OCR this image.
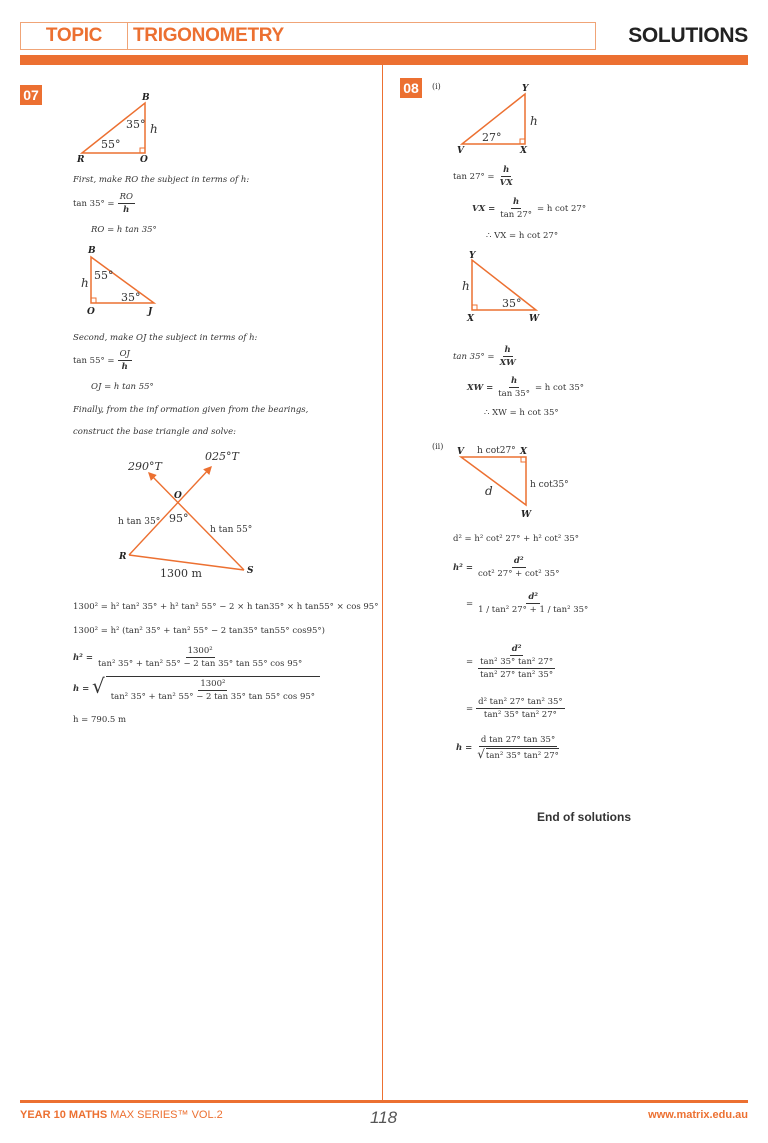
TOPIC	TRIGONOMETRY	SOLUTIONS
07	B
R	O
35°
55°
h
First, make RO the subject in terms of h:
$\tan 35^\circ = \frac{RO}{h}$
RO = h tan 35°
B
O	J
55°
35°
h
Second, make OJ the subject in terms of h:
$\tan 55^\circ = \frac{OJ}{h}$
OJ = h tan 55°
Finally, from the inf ormation given from the bearings,
construct the base triangle and solve:
290°T
025°T
O
R
S
95°
h tan 35°
h tan 55°
1300 m
1300² = h² tan² 35° + h² tan² 55° − 2 × h tan35° × h tan55° × cos 95°
1300² = h² (tan² 35° + tan² 55° − 2 tan35° tan55° cos95°)
$h^2 = \frac{\text{1300²}}{\text{tan² 35° + tan² 55° − 2 tan 35° tan 55° cos 95°}}$
h =
√ $\frac{\text{1300²}}{\text{tan² 35° + tan² 55° − 2 tan 35° tan 55° cos 95°}}$
h = 790.5 m
08	(i)	Y
V	X
27°
h
$\tan 27^\circ = \frac{h}{VX}$
VX = $\frac{h}{\tan 27^\circ} = h$ cot 27°
∴ VX = h cot 27°
Y
X	W
35°
h
$\tan 35^\circ = \frac{h}{XW}$
XW = $\frac{h}{\tan 35^\circ} = h$ cot 35°
∴ XW = h cot 35°
(ii)
V	X
W
h cot27°
h cot35°
d
d² = h² cot² 27° + h² cot² 35°
$h^2 = \frac{\text{d²}}{\text{cot² 27° + cot² 35°}}$
= $\frac{\text{d²}}{\text{1 / tan² 27° + 1 / tan² 35°}}$
= $\frac{\text{d²}}{\frac{\text{tan² 35° tan² 27°}}{\text{tan² 27° tan² 35°}}}$
= $\frac{\text{d² tan² 27° tan² 35°}}{\text{tan² 35° tan² 27°}}$
$h = \frac{\text{d tan 27° tan 35°}}{\text{√ tan² 35° tan² 27°}}$
End of solutions
YEAR 10 MATHS MAX SERIES™ VOL.2	118	www.matrix.edu.au
